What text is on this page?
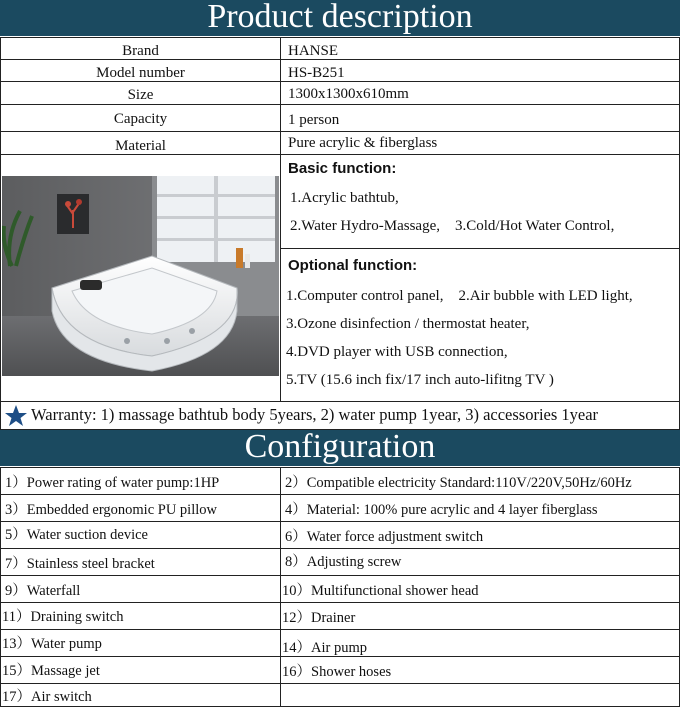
Product description
Brand	HANSE
Model number	HS-B251
Size	1300x1300x610mm
Capacity	1 person
Material	Pure acrylic & fiberglass
Basic function:
1.Acrylic bathtub,
2.Water Hydro-Massage,    3.Cold/Hot Water Control,
Optional function:
1.Computer control panel,    2.Air bubble with LED light,
3.Ozone disinfection / thermostat heater,
4.DVD player with USB connection,
5.TV (15.6 inch fix/17 inch auto-lifitng TV )
Warranty: 1) massage bathtub body 5years, 2) water pump 1year, 3) accessories 1year
Configuration
1）Power rating of water pump:1HP	2）Compatible electricity Standard:110V/220V,50Hz/60Hz
3）Embedded ergonomic PU pillow	4）Material: 100% pure acrylic and 4 layer fiberglass
5）Water suction device	6）Water force adjustment switch
7）Stainless steel bracket	8）Adjusting screw
9）Waterfall	10）Multifunctional shower head
11）Draining switch	12）Drainer
13）Water pump	14）Air pump
15）Massage jet	16）Shower hoses
17）Air switch
